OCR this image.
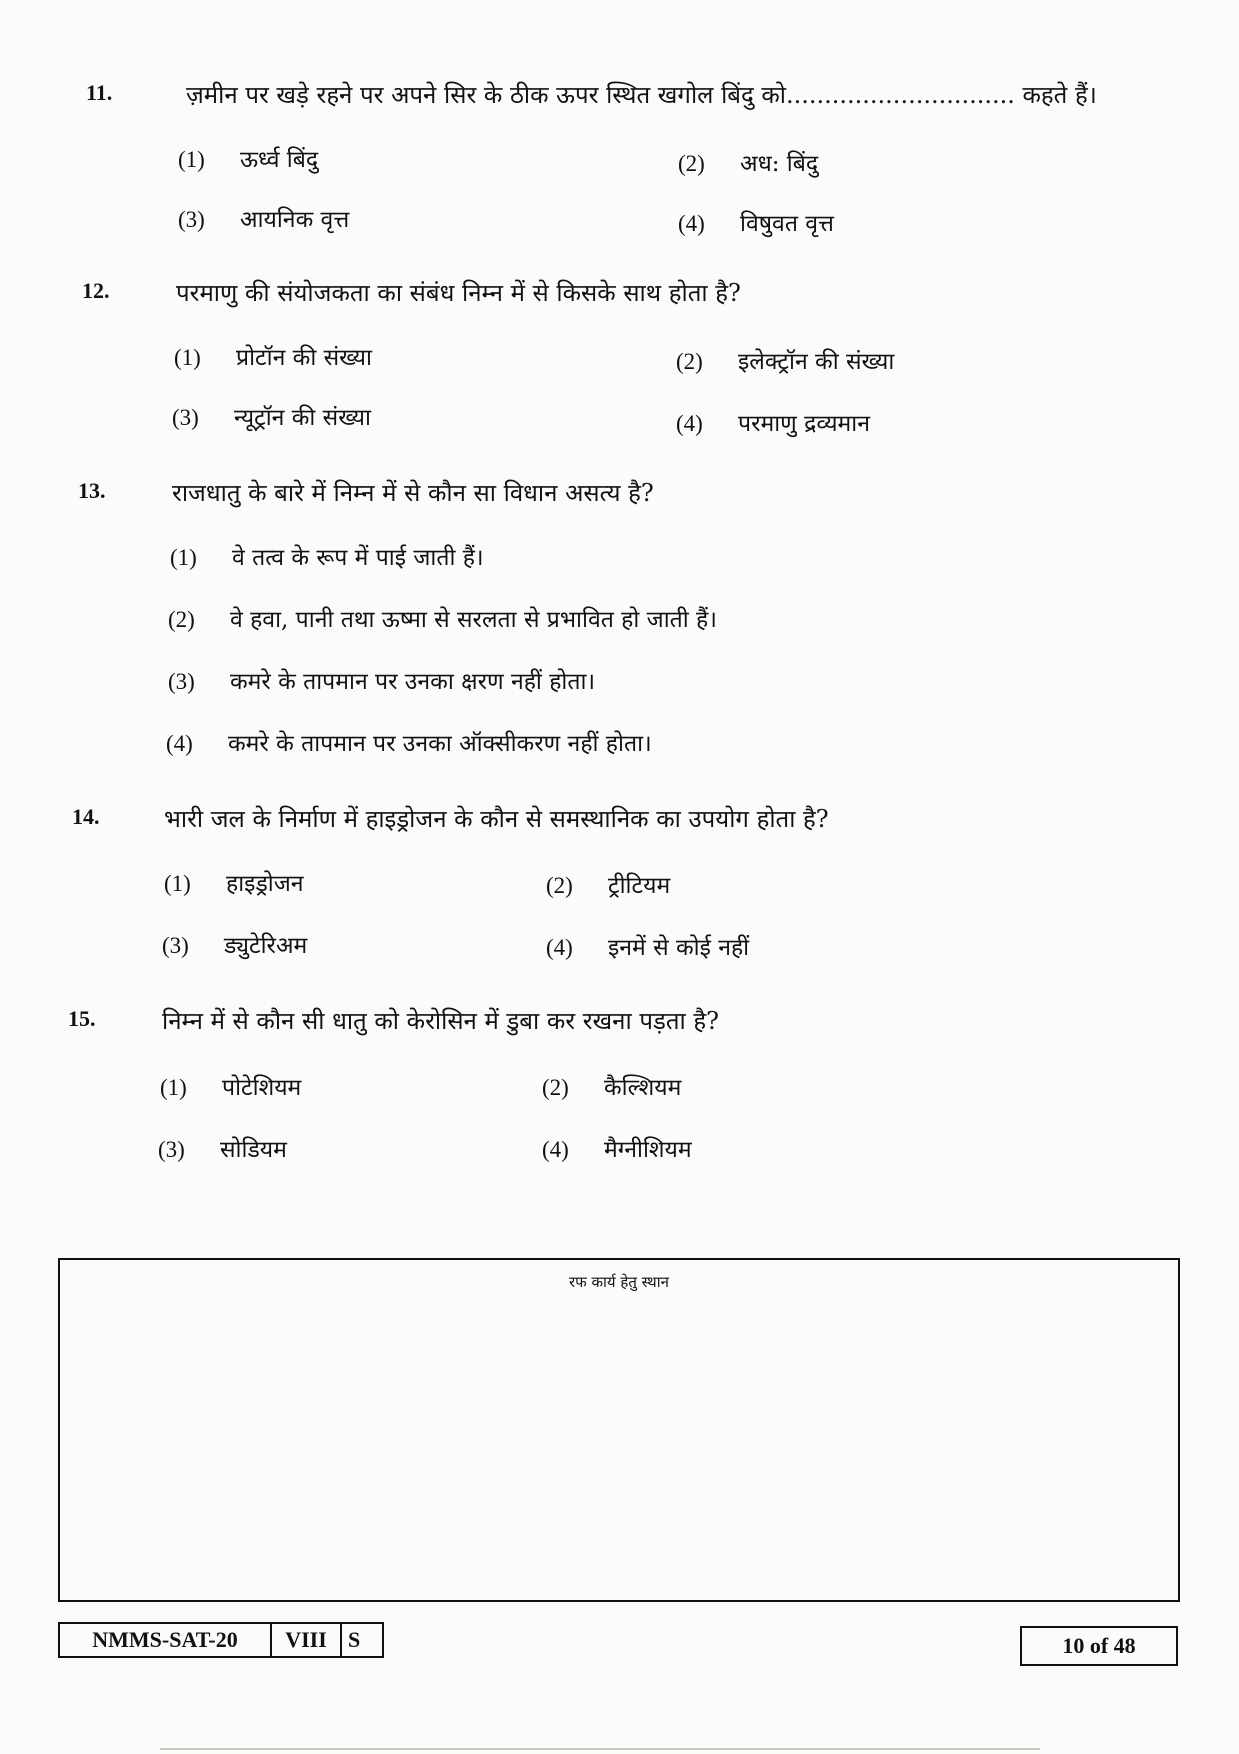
11.	ज़मीन पर खड़े रहने पर अपने सिर के ठीक ऊपर स्थित खगोल बिंदु को.............................. कहते हैं।
(1) ऊर्ध्व बिंदु	(2) अध: बिंदु
(3) आयनिक वृत्त	(4) विषुवत वृत्त
12.	परमाणु की संयोजकता का संबंध निम्न में से किसके साथ होता है?
(1) प्रोटॉन की संख्या	(2) इलेक्ट्रॉन की संख्या
(3) न्यूट्रॉन की संख्या	(4) परमाणु द्रव्यमान
13.	राजधातु के बारे में निम्न में से कौन सा विधान असत्य है?
(1) वे तत्व के रूप में पाई जाती हैं।
(2) वे हवा, पानी तथा ऊष्मा से सरलता से प्रभावित हो जाती हैं।
(3) कमरे के तापमान पर उनका क्षरण नहीं होता।
(4) कमरे के तापमान पर उनका ऑक्सीकरण नहीं होता।
14.	भारी जल के निर्माण में हाइड्रोजन के कौन से समस्थानिक का उपयोग होता है?
(1) हाइड्रोजन	(2) ट्रीटियम
(3) ड्युटेरिअम	(4) इनमें से कोई नहीं
15.	निम्न में से कौन सी धातु को केरोसिन में डुबा कर रखना पड़ता है?
(1) पोटेशियम	(2) कैल्शियम
(3) सोडियम	(4) मैग्नीशियम
रफ कार्य हेतु स्थान
NMMS-SAT-20	VIII S	10 of 48
